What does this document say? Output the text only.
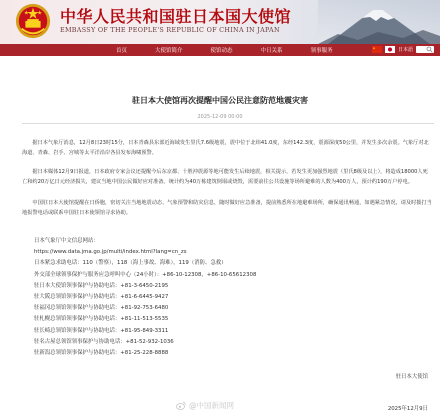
中华人民共和国驻日本国大使馆
EMBASSY OF THE PEOPLE'S REPUBLIC OF CHINA IN JAPAN
首页	大使馆简介	使馆动态	中日关系	领事服务	日本語
驻日本大使馆再次提醒中国公民注意防范地震灾害
2025-12-09 00:00

据日本气象厅消息，12月8日23时15分，日本青森县东部近海域发生里氏7.6级地震，震中位于北纬41.0度，东经142.3度，震源深度50公里，并发生多次余震。气象厅对北海道、青森、岩手、宫城等太平洋沿岸各县发布海啸预警。

据日本媒体12月9日报道，日本政府专家会议还提醒今后东京都、十胜沖震源等地可能发生后续地震，相关提示，若发生更加强烈地震（里氏8级及以上），将造成18000人死亡和约20万亿日元经济损失，建议当地中国公民做好应对准备。统计约为40万栋建筑倒塌或烧毁，需要前往公共设施等场所避难的人数为400万人，预计约190万户停电。

中国驻日本大使馆提醒在日侨胞，密切关注当地地震动态、气象预警和防灾信息，随时做好应急准备，提前熟悉所在地避难场所，确保通讯畅通，如遇紧急情况，请及时拨打当地报警电话或联系中国驻日本使领馆寻求协助。

日本气象厅中文信息网站：
https://www.data.jma.go.jp/multi/index.html?lang=cn_zs
日本紧急求助电话：110（警察），118（海上事故、海难），119（消防、急救）
外交部全球领事保护与服务应急呼叫中心（24小时）：+86-10-12308，+86-10-65612308
驻日本大使馆领事保护与协助电话：+81-3-6450-2195
驻大阪总领馆领事保护与协助电话：+81-6-6445-9427
驻福冈总领馆领事保护与协助电话：+81-92-753-6480
驻札幌总领馆领事保护与协助电话：+81-11-513-5535
驻长崎总领馆领事保护与协助电话：+81-95-849-3311
驻名古屋总领馆领事保护与协助电话：+81-52-932-1036
驻新潟总领馆领事保护与协助电话：+81-25-228-8888
驻日本大使馆
2025年12月9日
@中国新闻网
